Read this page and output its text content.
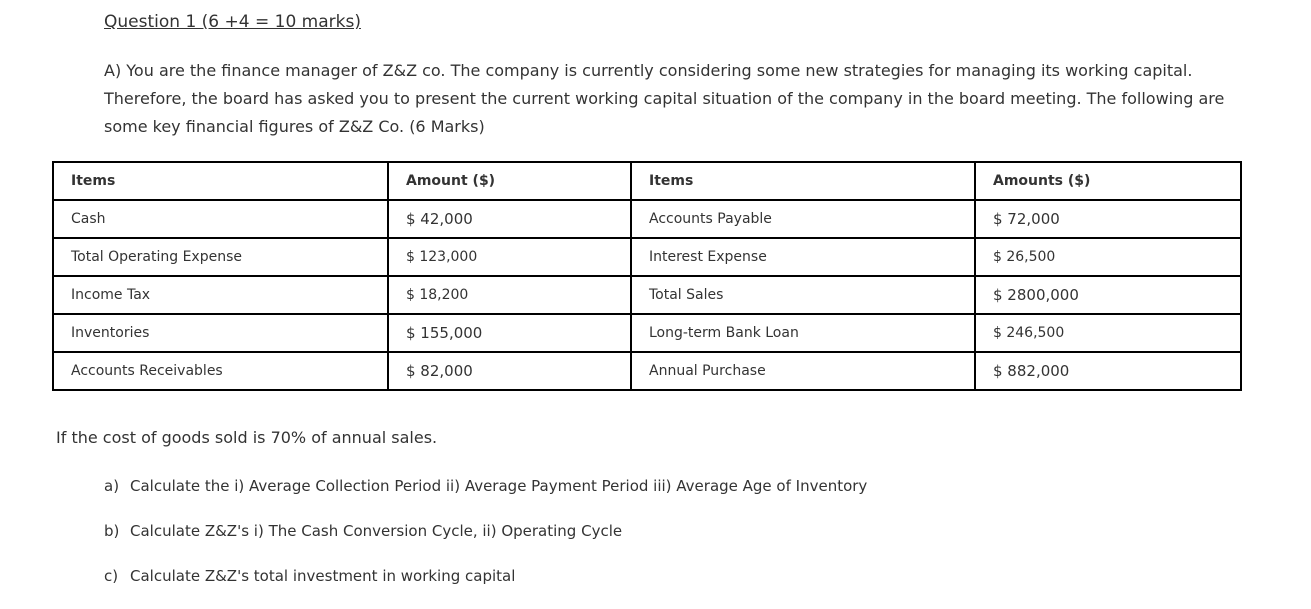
Question 1 (6 +4 = 10 marks)

A) You are the finance manager of Z&Z co. The company is currently considering some new strategies for managing its working capital. Therefore, the board has asked you to present the current working capital situation of the company in the board meeting. The following are some key financial figures of Z&Z Co. (6 Marks)

Items	Amount ($)	Items	Amounts ($)
Cash	$ 42,000	Accounts Payable	$ 72,000
Total Operating Expense	$ 123,000	Interest Expense	$ 26,500
Income Tax	$ 18,200	Total Sales	$ 2800,000
Inventories	$ 155,000	Long-term Bank Loan	$ 246,500
Accounts Receivables	$ 82,000	Annual Purchase	$ 882,000

If the cost of goods sold is 70% of annual sales.

a) Calculate the i) Average Collection Period ii) Average Payment Period iii) Average Age of Inventory
b) Calculate Z&Z's i) The Cash Conversion Cycle, ii) Operating Cycle
c) Calculate Z&Z's total investment in working capital
